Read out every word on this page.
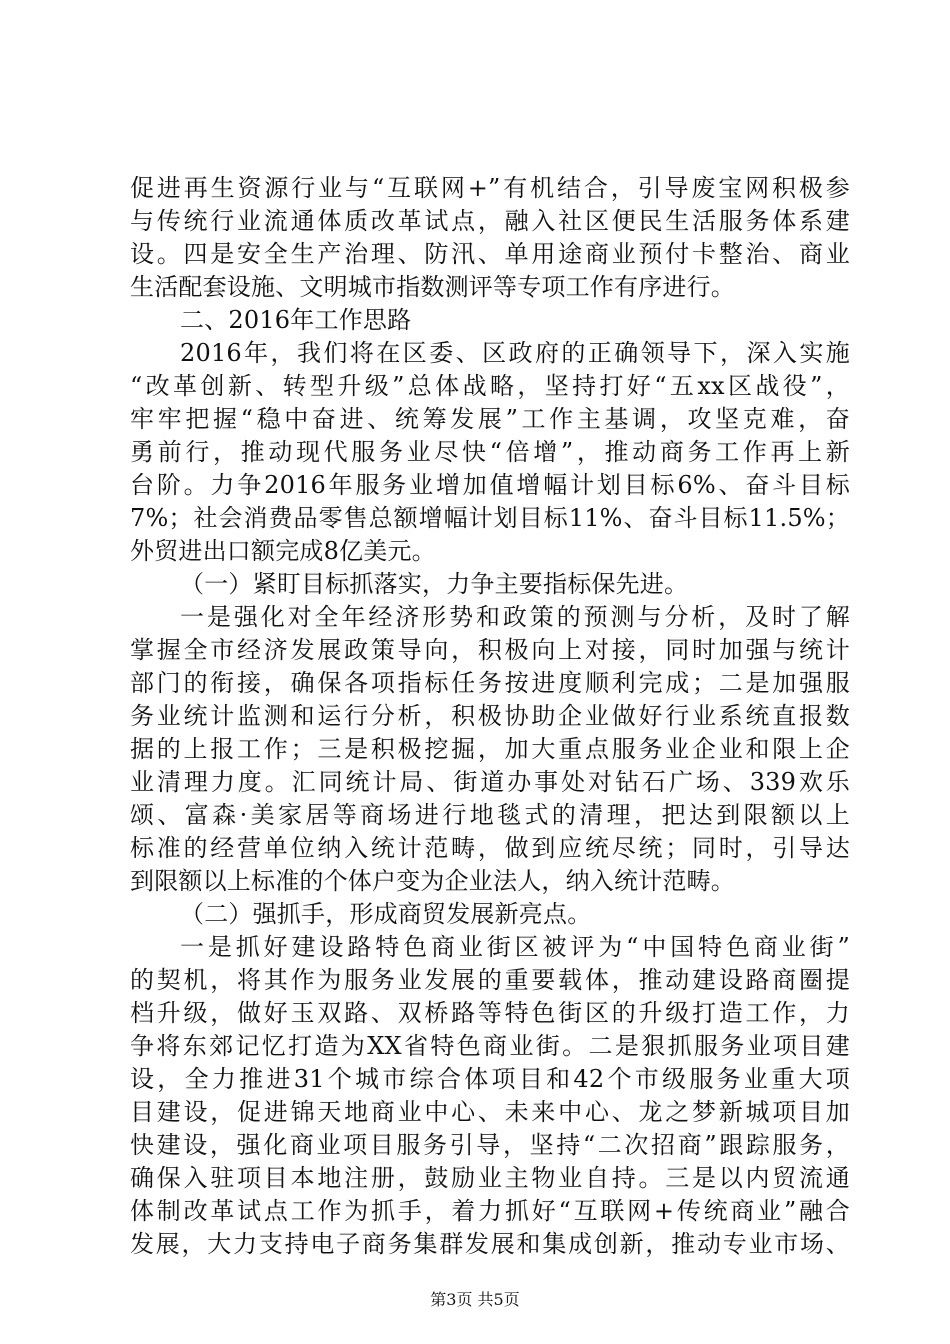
促进再生资源行业与“互联网+”有机结合，引导废宝网积极参
与传统行业流通体质改革试点，融入社区便民生活服务体系建
设。四是安全生产治理、防汛、单用途商业预付卡整治、商业
生活配套设施、文明城市指数测评等专项工作有序进行。
二、2016年工作思路
2016年，我们将在区委、区政府的正确领导下，深入实施
“改革创新、转型升级”总体战略，坚持打好“五xx区战役”，
牢牢把握“稳中奋进、统筹发展”工作主基调，攻坚克难，奋
勇前行，推动现代服务业尽快“倍增”，推动商务工作再上新
台阶。力争2016年服务业增加值增幅计划目标6%、奋斗目标
7%；社会消费品零售总额增幅计划目标11%、奋斗目标11.5%；
外贸进出口额完成8亿美元。
（一）紧盯目标抓落实，力争主要指标保先进。
一是强化对全年经济形势和政策的预测与分析，及时了解
掌握全市经济发展政策导向，积极向上对接，同时加强与统计
部门的衔接，确保各项指标任务按进度顺利完成；二是加强服
务业统计监测和运行分析，积极协助企业做好行业系统直报数
据的上报工作；三是积极挖掘，加大重点服务业企业和限上企
业清理力度。汇同统计局、街道办事处对钻石广场、339欢乐
颂、富森·美家居等商场进行地毯式的清理，把达到限额以上
标准的经营单位纳入统计范畴，做到应统尽统；同时，引导达
到限额以上标准的个体户变为企业法人，纳入统计范畴。
（二）强抓手，形成商贸发展新亮点。
一是抓好建设路特色商业街区被评为“中国特色商业街”
的契机，将其作为服务业发展的重要载体，推动建设路商圈提
档升级，做好玉双路、双桥路等特色街区的升级打造工作，力
争将东郊记忆打造为XX省特色商业街。二是狠抓服务业项目建
设，全力推进31个城市综合体项目和42个市级服务业重大项
目建设，促进锦天地商业中心、未来中心、龙之梦新城项目加
快建设，强化商业项目服务引导，坚持“二次招商”跟踪服务，
确保入驻项目本地注册，鼓励业主物业自持。三是以内贸流通
体制改革试点工作为抓手，着力抓好“互联网+传统商业”融合
发展，大力支持电子商务集群发展和集成创新，推动专业市场、
第3页 共5页
